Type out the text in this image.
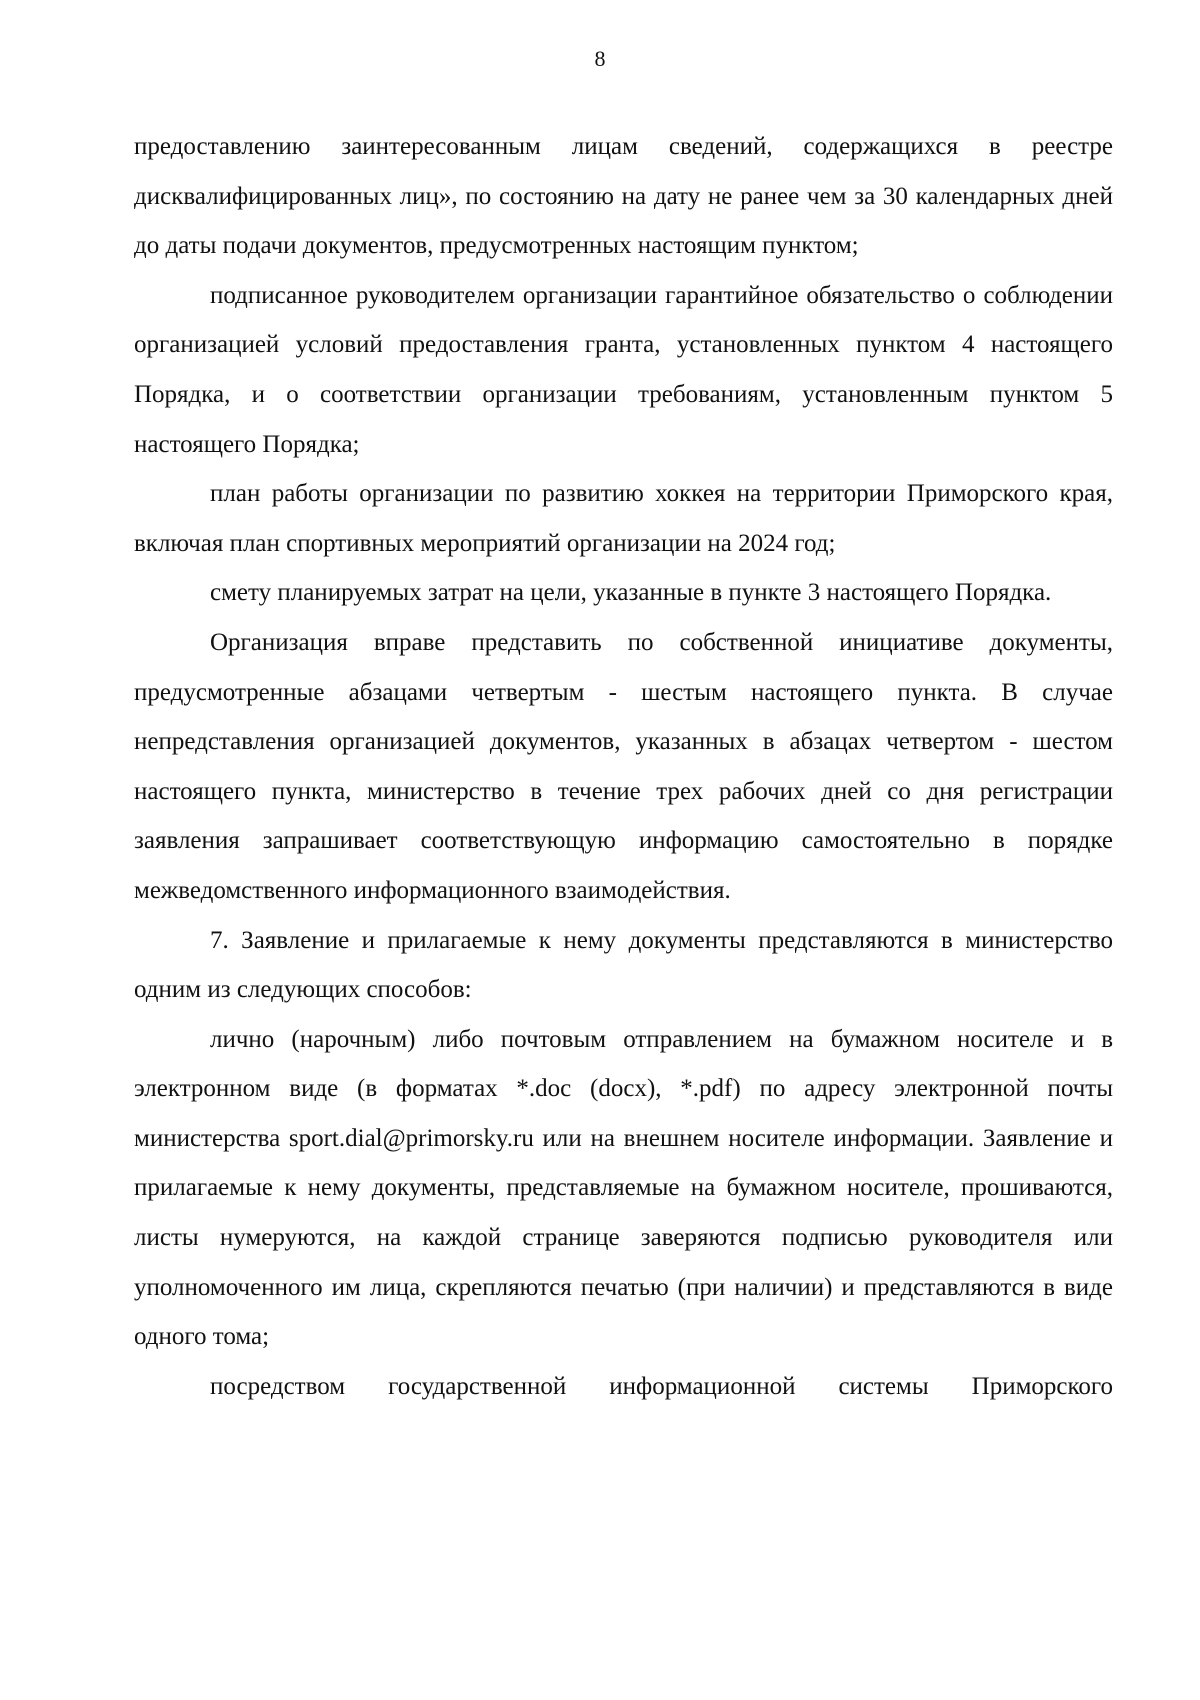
8

предоставлению заинтересованным лицам сведений, содержащихся в реестре дисквалифицированных лиц», по состоянию на дату не ранее чем за 30 календарных дней до даты подачи документов, предусмотренных настоящим пунктом;

подписанное руководителем организации гарантийное обязательство о соблюдении организацией условий предоставления гранта, установленных пунктом 4 настоящего Порядка, и о соответствии организации требованиям, установленным пунктом 5 настоящего Порядка;

план работы организации по развитию хоккея на территории Приморского края, включая план спортивных мероприятий организации на 2024 год;

смету планируемых затрат на цели, указанные в пункте 3 настоящего Порядка.

Организация вправе представить по собственной инициативе документы, предусмотренные абзацами четвертым - шестым настоящего пункта. В случае непредставления организацией документов, указанных в абзацах четвертом - шестом настоящего пункта, министерство в течение трех рабочих дней со дня регистрации заявления запрашивает соответствующую информацию самостоятельно в порядке межведомственного информационного взаимодействия.

7. Заявление и прилагаемые к нему документы представляются в министерство одним из следующих способов:

лично (нарочным) либо почтовым отправлением на бумажном носителе и в электронном виде (в форматах *.doc (docx), *.pdf) по адресу электронной почты министерства sport.dial@primorsky.ru или на внешнем носителе информации. Заявление и прилагаемые к нему документы, представляемые на бумажном носителе, прошиваются, листы нумеруются, на каждой странице заверяются подписью руководителя или уполномоченного им лица, скрепляются печатью (при наличии) и представляются в виде одного тома;

посредством государственной информационной системы Приморского
